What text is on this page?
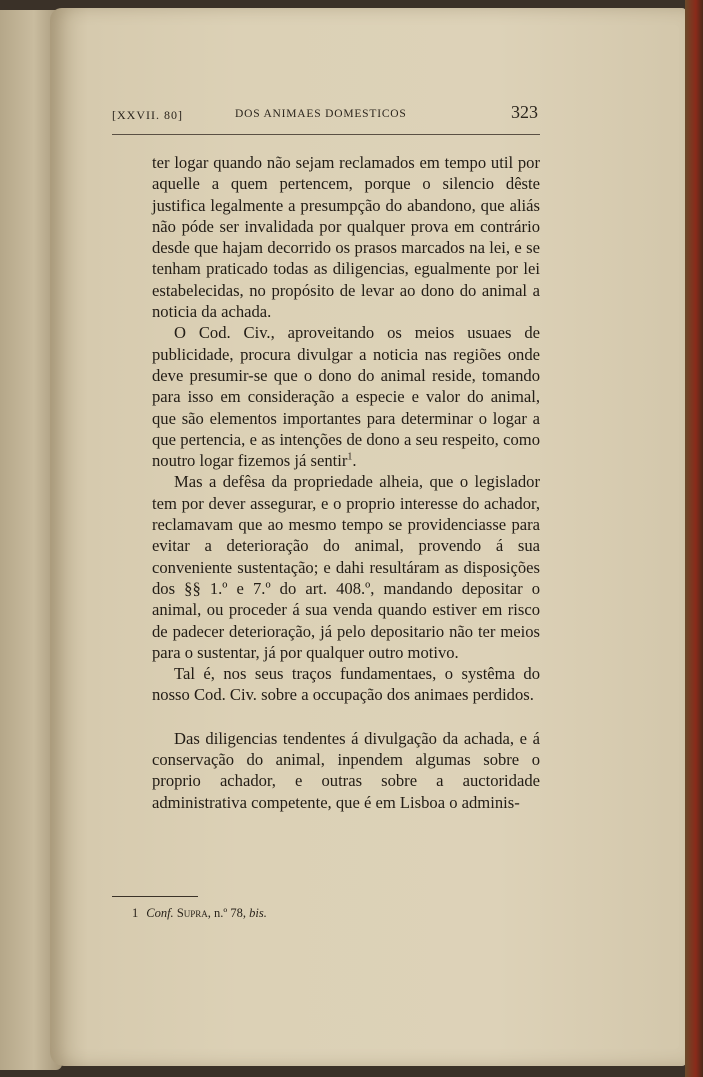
[XXVII. 80]	DOS ANIMAES DOMESTICOS	323

ter logar quando não sejam reclamados em tempo util por aquelle a quem pertencem, porque o silencio dêste justifica legalmente a presumpção do abandono, que aliás não póde ser invalidada por qualquer prova em contrário desde que hajam decorrido os prasos marcados na lei, e se tenham praticado todas as diligencias, egualmente por lei estabelecidas, no propósito de levar ao dono do animal a noticia da achada.

O Cod. Civ., aproveitando os meios usuaes de publicidade, procura divulgar a noticia nas regiões onde deve presumir-se que o dono do animal reside, tomando para isso em consideração a especie e valor do animal, que são elementos importantes para determinar o logar a que pertencia, e as intenções de dono a seu respeito, como noutro logar fizemos já sentir$^1$.

Mas a defêsa da propriedade alheia, que o legislador tem por dever assegurar, e o proprio interesse do achador, reclamavam que ao mesmo tempo se providenciasse para evitar a deterioração do animal, provendo á sua conveniente sustentação; e dahi resultáram as disposições dos §§ 1.º e 7.º do art. 408.º, mandando depositar o animal, ou proceder á sua venda quando estiver em risco de padecer deterioração, já pelo depositario não ter meios para o sustentar, já por qualquer outro motivo.

Tal é, nos seus traços fundamentaes, o systêma do nosso Cod. Civ. sobre a occupação dos animaes perdidos.

Das diligencias tendentes á divulgação da achada, e á conservação do animal, inpendem algumas sobre o proprio achador, e outras sobre a auctoridade administrativa competente, que é em Lisboa o adminis-

1 Conf. Supra, n.º 78, bis.
